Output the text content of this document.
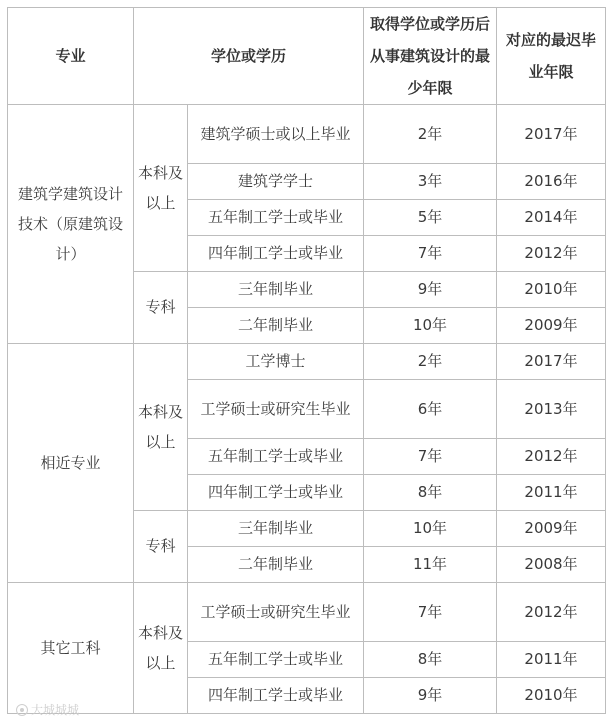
专业	学位或学历		取得学位或学历后从事建筑设计的最少年限	对应的最迟毕业年限
建筑学建筑设计技术（原建筑设计）	本科及以上	建筑学硕士或以上毕业	2年	2017年
		建筑学学士	3年	2016年
		五年制工学士或毕业	5年	2014年
		四年制工学士或毕业	7年	2012年
	专科	三年制毕业	9年	2010年
		二年制毕业	10年	2009年
相近专业	本科及以上	工学博士	2年	2017年
		工学硕士或研究生毕业	6年	2013年
		五年制工学士或毕业	7年	2012年
		四年制工学士或毕业	8年	2011年
	专科	三年制毕业	10年	2009年
		二年制毕业	11年	2008年
其它工科	本科及以上	工学硕士或研究生毕业	7年	2012年
		五年制工学士或毕业	8年	2011年
		四年制工学士或毕业	9年	2010年
大城城城
